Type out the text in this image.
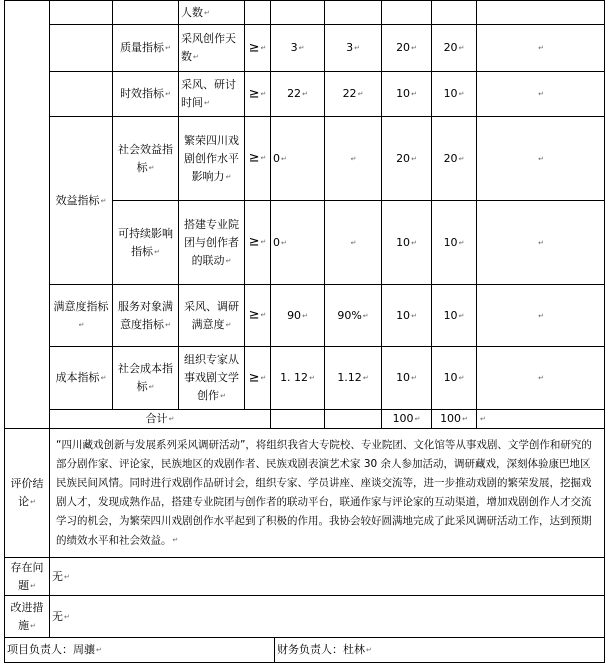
			人数↵						
		质量指标↵	采风创作天数↵	≥↵	3↵	3↵	20↵	20↵	↵
		时效指标↵	采风、研讨时间↵	≥↵	22↵	22↵	10↵	10↵	↵
	效益指标↵	社会效益指标↵	繁荣四川戏剧创作水平影响力↵	≥↵	0↵	↵	20↵	20↵	↵
		可持续影响指标↵	搭建专业院团与创作者的联动↵	≥↵	0↵	↵	10↵	10↵	↵
	满意度指标↵	服务对象满意度指标↵	采风、调研满意度↵	≥↵	90↵	90%↵	10↵	10↵	↵
	成本指标↵	社会成本指标↵	组织专家从事戏剧文学创作↵	≥↵	1. 12↵	1.12↵	10↵	10↵	↵
	合计↵						100↵	100↵	↵
评价结论↵	“四川藏戏创新与发展系列采风调研活动”，将组织我省大专院校、专业院团、文化馆等从事戏剧、文学创作和研究的部分剧作家、评论家，民族地区的戏剧作者、民族戏剧表演艺术家 30 余人参加活动，调研藏戏，深刻体验康巴地区民族民间风情。同时进行戏剧作品研讨会，组织专家、学员讲座、座谈交流等，进一步推动戏剧的繁荣发展，挖掘戏剧人才，发现成熟作品，搭建专业院团与创作者的联动平台，联通作家与评论家的互动渠道，增加戏剧创作人才交流学习的机会，为繁荣四川戏剧创作水平起到了积极的作用。我协会较好圆满地完成了此采风调研活动工作，达到预期的绩效水平和社会效益。↵
存在问题↵	无↵
改进措施↵	无↵
项目负责人：周骧↵	财务负责人：杜林↵
